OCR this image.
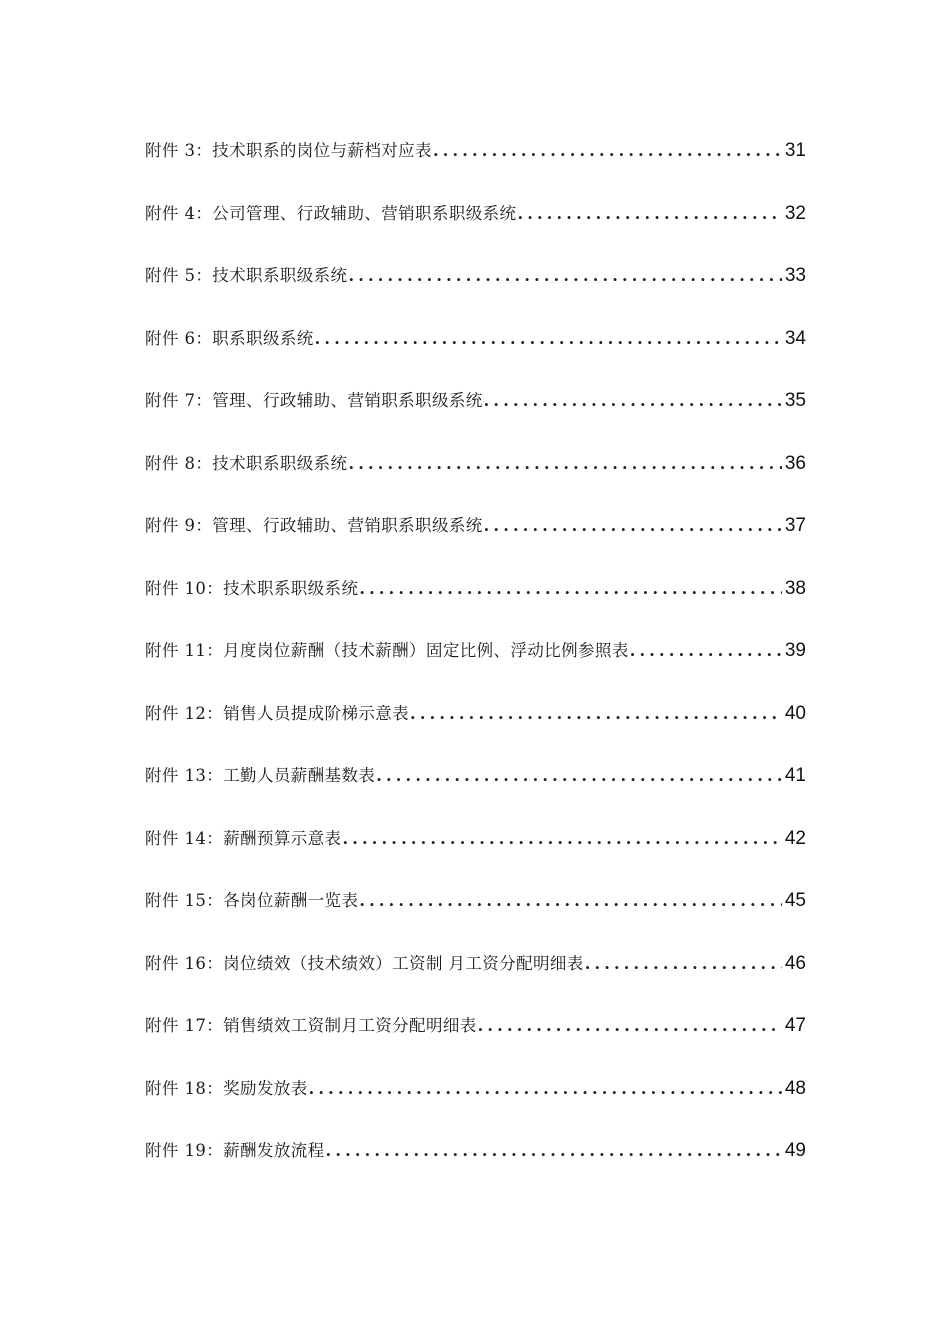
附件 3：技术职系的岗位与薪档对应表 .....	31
附件 4：公司管理、行政辅助、营销职系职级系统 .....	32
附件 5：技术职系职级系统 .....	33
附件 6：职系职级系统 .....	34
附件 7：管理、行政辅助、营销职系职级系统 .....	35
附件 8：技术职系职级系统 .....	36
附件 9：管理、行政辅助、营销职系职级系统 .....	37
附件 10：技术职系职级系统 .....	38
附件 11：月度岗位薪酬（技术薪酬）固定比例、浮动比例参照表 .....	39
附件 12：销售人员提成阶梯示意表 .....	40
附件 13：工勤人员薪酬基数表 .....	41
附件 14：薪酬预算示意表 .....	42
附件 15：各岗位薪酬一览表 .....	45
附件 16：岗位绩效（技术绩效）工资制 月工资分配明细表 .....	46
附件 17：销售绩效工资制月工资分配明细表 .....	47
附件 18：奖励发放表 .....	48
附件 19：薪酬发放流程 .....	49
